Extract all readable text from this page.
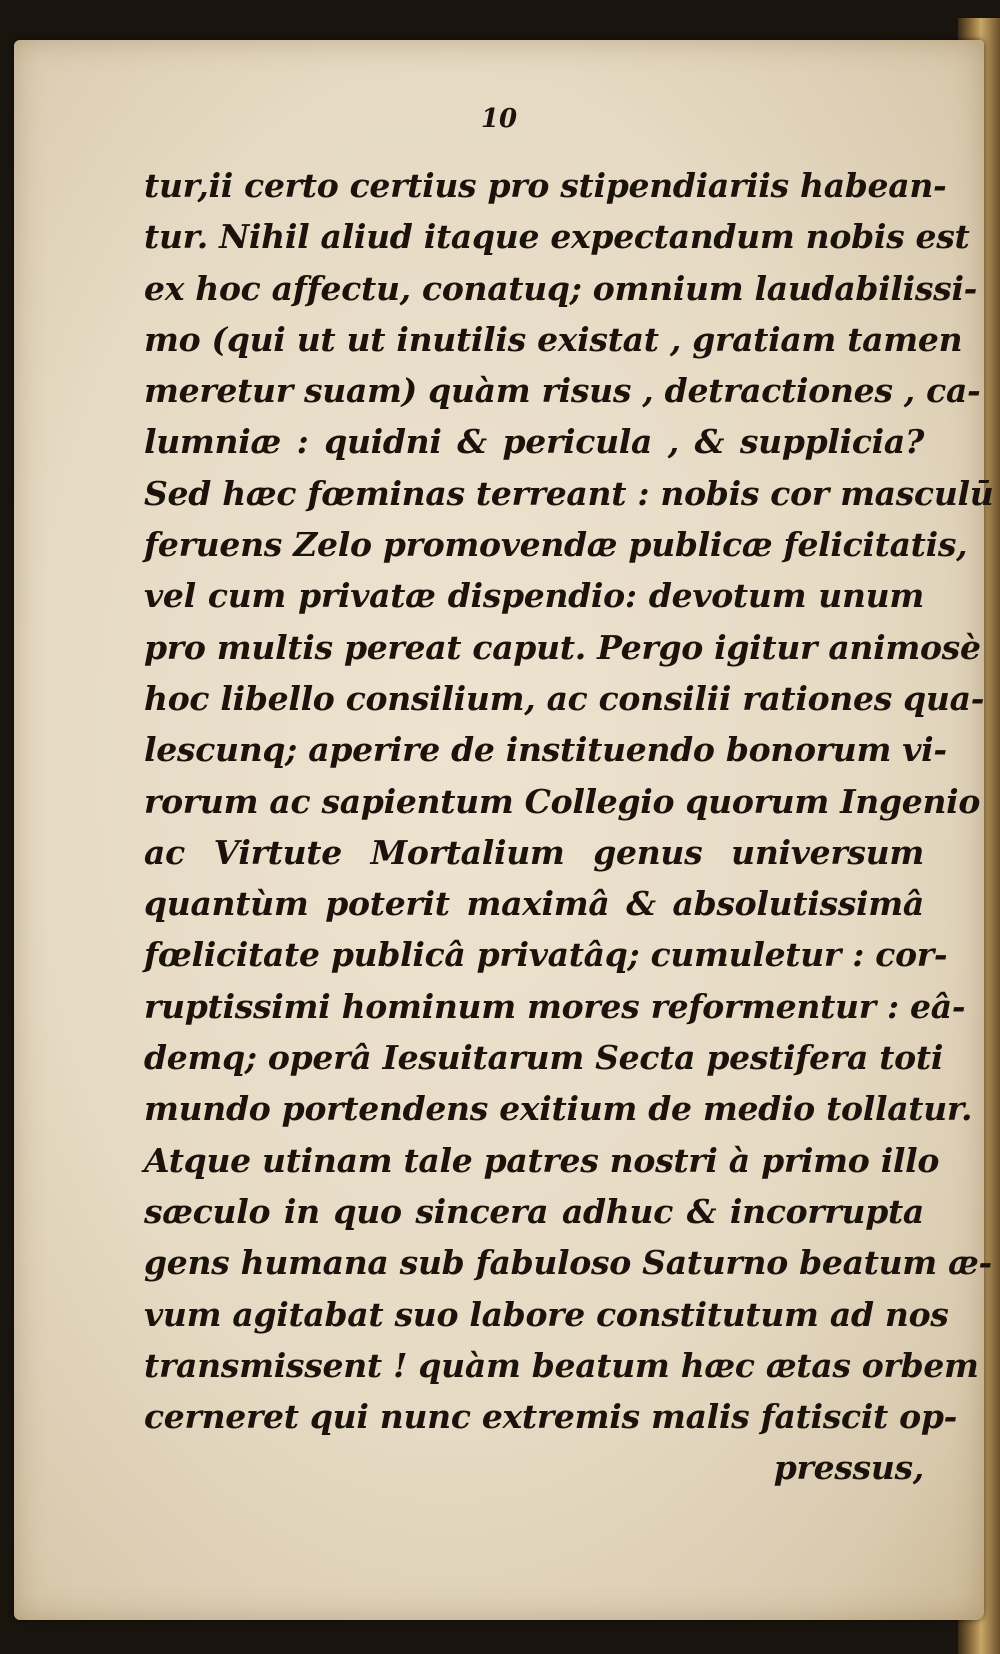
10
tur,ii certo certius pro stipendiariis habean-
tur. Nihil aliud itaque expectandum nobis est
ex hoc affectu, conatuq; omnium laudabilissi-
mo (qui ut ut inutilis existat , gratiam tamen
meretur suam) quàm risus , detractiones , ca-
lumniæ : quidni & pericula , & supplicia?
Sed hæc fœminas terreant : nobis cor masculū
feruens Zelo promovendæ publicæ felicitatis,
vel cum privatæ dispendio: devotum unum
pro multis pereat caput. Pergo igitur animosè
hoc libello consilium, ac consilii rationes qua-
lescunq; aperire de instituendo bonorum vi-
rorum ac sapientum Collegio quorum Ingenio
ac Virtute Mortalium genus universum
quantùm poterit maximâ & absolutissimâ
fœlicitate publicâ privatâq; cumuletur : cor-
ruptissimi hominum mores reformentur : eâ-
demq; operâ Iesuitarum Secta pestifera toti
mundo portendens exitium de medio tollatur.
Atque utinam tale patres nostri à primo illo
sæculo in quo sincera adhuc & incorrupta
gens humana sub fabuloso Saturno beatum æ-
vum agitabat suo labore constitutum ad nos
transmissent ! quàm beatum hæc ætas orbem
cerneret qui nunc extremis malis fatiscit op-
pressus,
